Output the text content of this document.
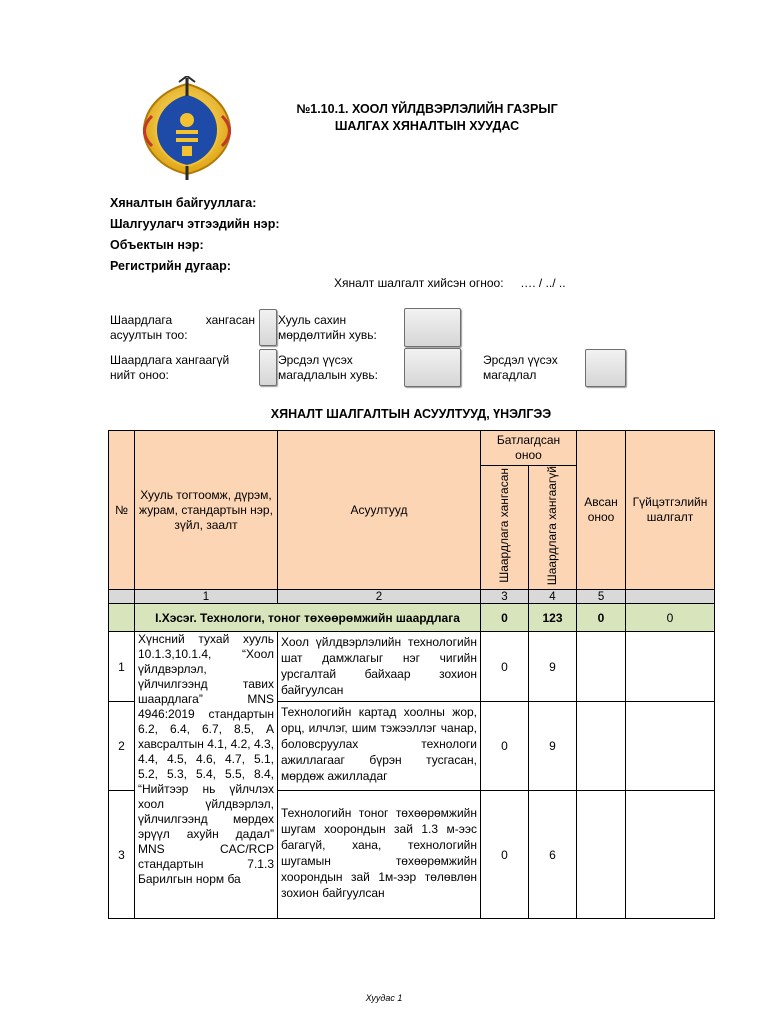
№1.10.1. ХООЛ ҮЙЛДВЭРЛЭЛИЙН ГАЗРЫГ
ШАЛГАХ ХЯНАЛТЫН ХУУДАС
Хяналтын байгууллага:
Шалгуулагч этгээдийн нэр:
Объектын нэр:
Регистрийн дугаар:
Хяналт шалгалт хийсэн огноо: …. / ../ ..
Шаардлага хангасан асуултын тоо:
Хууль сахин мөрдөлтийн хувь:
Шаардлага хангаагүй нийт оноо:
Эрсдэл үүсэх магадлалын хувь:
Эрсдэл үүсэх магадлал
ХЯНАЛТ ШАЛГАЛТЫН АСУУЛТУУД, ҮНЭЛГЭЭ
№	Хууль тогтоомж, дүрэм, журам, стандартын нэр, зүйл, заалт	Асуултууд	Батлагдсан оноо		Авсан оноо	Гүйцэтгэлийн шалгалт
			Шаардлага хангасан	Шаардлага хангаагүй		
	1	2	3	4	5	
	I.Хэсэг. Технологи, тоног төхөөрөмжийн шаардлага		0	123	0	0
1	Хүнсний тухай хууль 10.1.3,10.1.4, “Хоол үйлдвэрлэл, үйлчилгээнд тавих шаардлага” MNS 4946:2019 стандартын 6.2, 6.4, 6.7, 8.5, А хавсралтын 4.1, 4.2, 4.3, 4.4, 4.5, 4.6, 4.7, 5.1, 5.2, 5.3, 5.4, 5.5, 8.4, “Нийтээр нь үйлчлэх хоол үйлдвэрлэл, үйлчилгээнд мөрдөх эрүүл ахуйн дадал” MNS CAC/RCP стандартын 7.1.3 Барилгын норм ба	Хоол үйлдвэрлэлийн технологийн шат дамжлагыг нэг чигийн урсгалтай байхаар зохион байгуулсан	0	9		
2		Технологийн картад хоолны жор, орц, илчлэг, шим тэжээллэг чанар, боловсруулах технологи ажиллагааг бүрэн тусгасан, мөрдөж ажилладаг	0	9		
3		Технологийн тоног төхөөрөмжийн шугам хоорондын зай 1.3 м-ээс багагүй, хана, технологийн шугамын төхөөрөмжийн хоорондын зай 1м-ээр төлөвлөн зохион байгуулсан	0	6		
Хуудас 1
